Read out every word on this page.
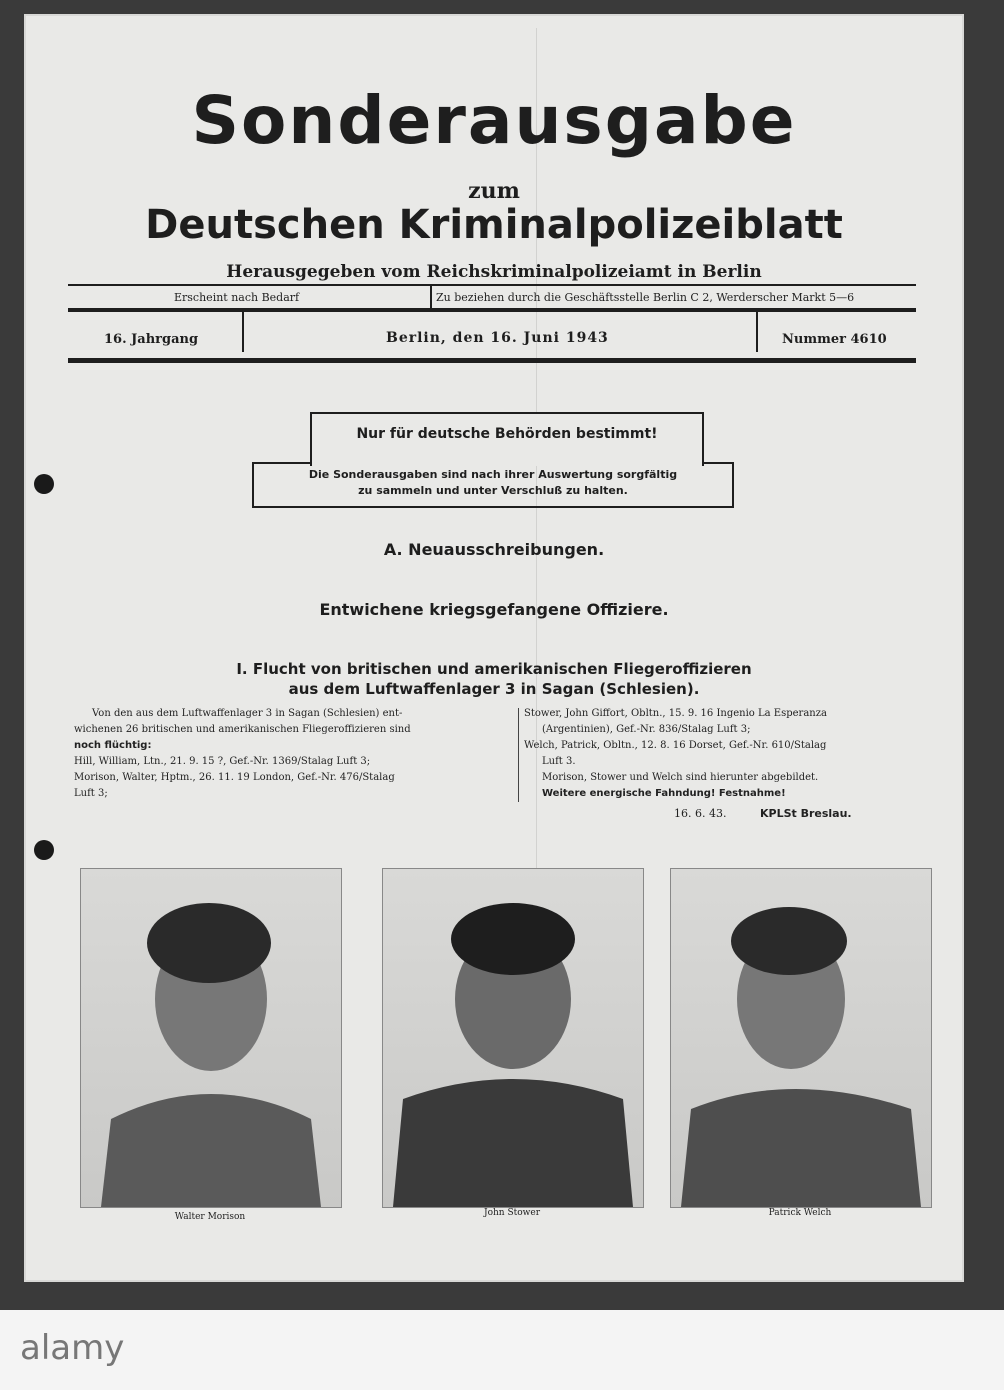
Sonderausgabe
zum
Deutschen Kriminalpolizeiblatt
Herausgegeben vom Reichskriminalpolizeiamt in Berlin
Erscheint nach Bedarf	Zu beziehen durch die Geschäftsstelle Berlin C 2, Werderscher Markt 5—6
16. Jahrgang	Berlin, den 16. Juni 1943	Nummer 4610
Nur für deutsche Behörden bestimmt!
Die Sonderausgaben sind nach ihrer Auswertung sorgfältig
zu sammeln und unter Verschluß zu halten.
A. Neuausschreibungen.
Entwichene kriegsgefangene Offiziere.
I. Flucht von britischen und amerikanischen Fliegeroffizieren
aus dem Luftwaffenlager 3 in Sagan (Schlesien).
Von den aus dem Luftwaffenlager 3 in Sagan (Schlesien) ent-
wichenen 26 britischen und amerikanischen Fliegeroffizieren sind
noch flüchtig:
Hill, William, Ltn., 21. 9. 15 ?, Gef.-Nr. 1369/Stalag Luft 3;
Morison, Walter, Hptm., 26. 11. 19 London, Gef.-Nr. 476/Stalag
Luft 3;
Stower, John Giffort, Obltn., 15. 9. 16 Ingenio La Esperanza
(Argentinien), Gef.-Nr. 836/Stalag Luft 3;
Welch, Patrick, Obltn., 12. 8. 16 Dorset, Gef.-Nr. 610/Stalag
Luft 3.
Morison, Stower und Welch sind hierunter abgebildet.
Weitere energische Fahndung! Festnahme!
16. 6. 43.	KPLSt Breslau.
Walter Morison	John Stower	Patrick Welch
alamy
